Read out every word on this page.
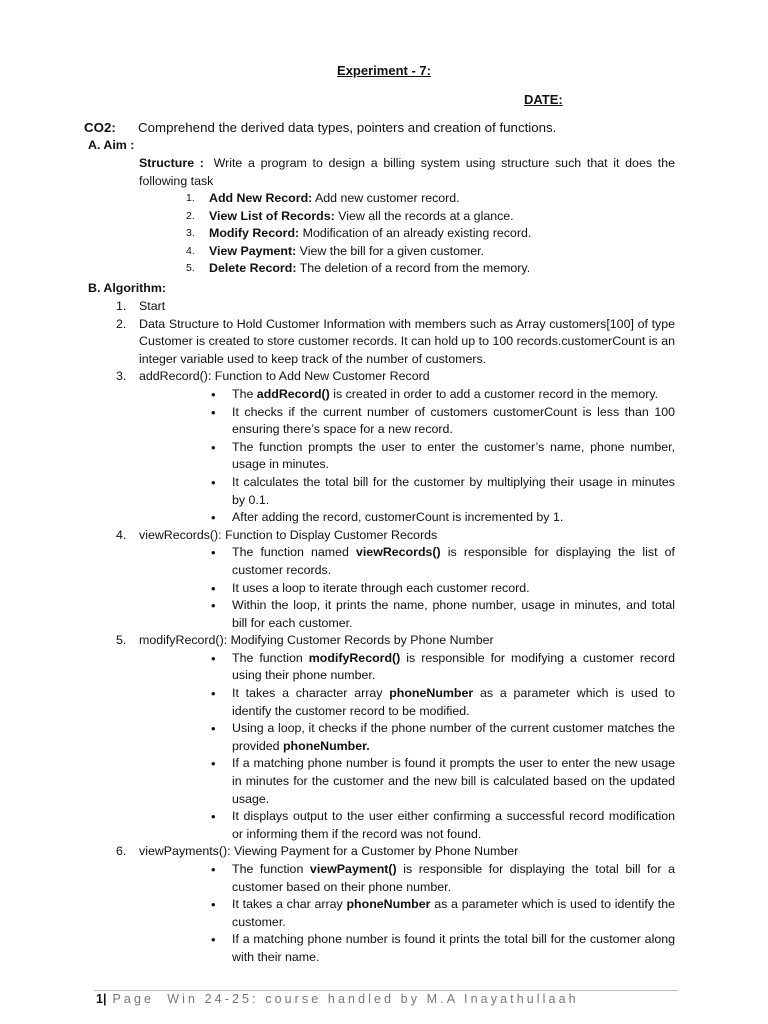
Experiment - 7:
DATE:
CO2: Comprehend the derived data types, pointers and creation of functions.
A. Aim :
Structure : Write a program to design a billing system using structure such that it does the following task
1. Add New Record: Add new customer record.
2. View List of Records: View all the records at a glance.
3. Modify Record: Modification of an already existing record.
4. View Payment: View the bill for a given customer.
5. Delete Record: The deletion of a record from the memory.
B. Algorithm:
1. Start
2. Data Structure to Hold Customer Information with members such as Array customers[100] of type Customer is created to store customer records. It can hold up to 100 records.customerCount is an integer variable used to keep track of the number of customers.
3. addRecord(): Function to Add New Customer Record
• The addRecord() is created in order to add a customer record in the memory.
• It checks if the current number of customers customerCount is less than 100 ensuring there’s space for a new record.
• The function prompts the user to enter the customer’s name, phone number, usage in minutes.
• It calculates the total bill for the customer by multiplying their usage in minutes by 0.1.
• After adding the record, customerCount is incremented by 1.
4. viewRecords(): Function to Display Customer Records
• The function named viewRecords() is responsible for displaying the list of customer records.
• It uses a loop to iterate through each customer record.
• Within the loop, it prints the name, phone number, usage in minutes, and total bill for each customer.
5. modifyRecord(): Modifying Customer Records by Phone Number
• The function modifyRecord() is responsible for modifying a customer record using their phone number.
• It takes a character array phoneNumber as a parameter which is used to identify the customer record to be modified.
• Using a loop, it checks if the phone number of the current customer matches the provided phoneNumber.
• If a matching phone number is found it prompts the user to enter the new usage in minutes for the customer and the new bill is calculated based on the updated usage.
• It displays output to the user either confirming a successful record modification or informing them if the record was not found.
6. viewPayments(): Viewing Payment for a Customer by Phone Number
• The function viewPayment() is responsible for displaying the total bill for a customer based on their phone number.
• It takes a char array phoneNumber as a parameter which is used to identify the customer.
• If a matching phone number is found it prints the total bill for the customer along with their name.
1| Page Win 24-25: course handled by M.A Inayathullaah
